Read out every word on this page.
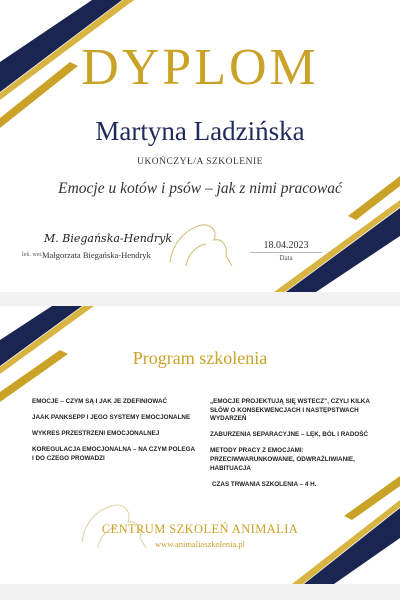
DYPLOM
Martyna Ladzińska
UKOŃCZYŁ/A SZKOLENIE
Emocje u kotów i psów – jak z nimi pracować
M. Biegańska-Hendryk
lek. wet. Małgorzata Biegańska-Hendryk
18.04.2023
Data
Program szkolenia
EMOCJE – CZYM SĄ I JAK JE ZDEFINIOWAĆ
JAAK PANKSEPP I JEGO SYSTEMY EMOCJONALNE
WYKRES PRZESTRZENI EMOCJONALNEJ
KOREGULACJA EMOCJONALNA – NA CZYM POLEGA I DO CZEGO PROWADZI
„EMOCJE PROJEKTUJĄ SIĘ WSTECZ”, CZYLI KILKA SŁÓW O KONSEKWENCJACH I NASTĘPSTWACH WYDARZEŃ
ZABURZENIA SEPARACYJNE – LĘK, BÓL I RADOŚĆ
METODY PRACY Z EMOCJAMI: PRZECIWWARUNKOWANIE, ODWRAŻLIWIANIE, HABITUACJA
CZAS TRWANIA SZKOLENIA – 4 H.
CENTRUM SZKOLEŃ ANIMALIA
www.animaliaszkolenia.pl
